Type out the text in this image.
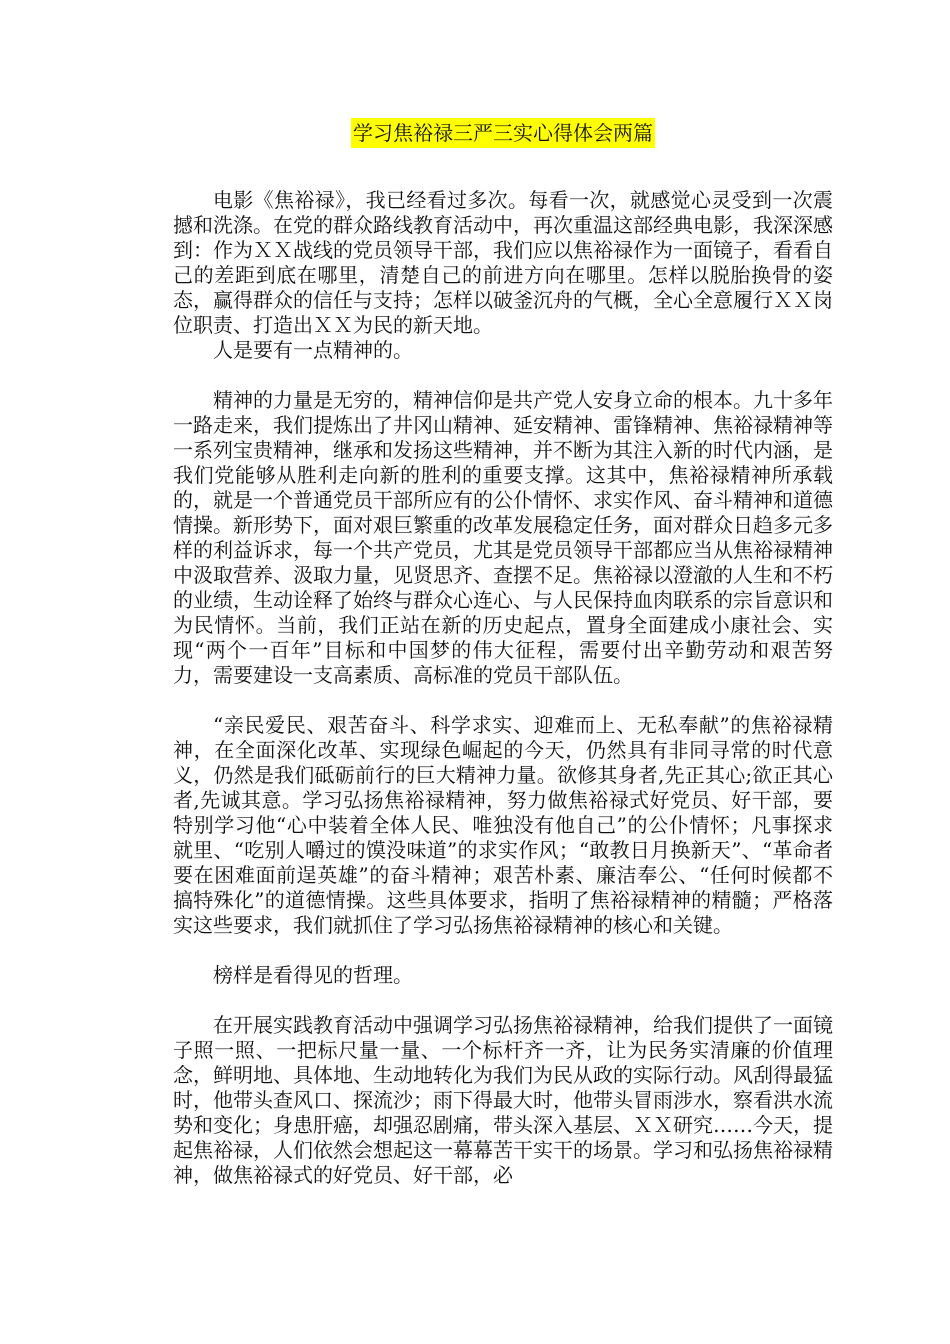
学习焦裕禄三严三实心得体会两篇

电影《焦裕禄》，我已经看过多次。每看一次，就感觉心灵受到一次震撼和洗涤。在党的群众路线教育活动中，再次重温这部经典电影，我深深感到：作为ＸＸ战线的党员领导干部，我们应以焦裕禄作为一面镜子，看看自己的差距到底在哪里，清楚自己的前进方向在哪里。怎样以脱胎换骨的姿态，赢得群众的信任与支持；怎样以破釜沉舟的气概，全心全意履行ＸＸ岗位职责、打造出ＸＸ为民的新天地。

人是要有一点精神的。

精神的力量是无穷的，精神信仰是共产党人安身立命的根本。九十多年一路走来，我们提炼出了井冈山精神、延安精神、雷锋精神、焦裕禄精神等一系列宝贵精神，继承和发扬这些精神，并不断为其注入新的时代内涵，是我们党能够从胜利走向新的胜利的重要支撑。这其中，焦裕禄精神所承载的，就是一个普通党员干部所应有的公仆情怀、求实作风、奋斗精神和道德情操。新形势下，面对艰巨繁重的改革发展稳定任务，面对群众日趋多元多样的利益诉求，每一个共产党员，尤其是党员领导干部都应当从焦裕禄精神中汲取营养、汲取力量，见贤思齐、查摆不足。焦裕禄以澄澈的人生和不朽的业绩，生动诠释了始终与群众心连心、与人民保持血肉联系的宗旨意识和为民情怀。当前，我们正站在新的历史起点，置身全面建成小康社会、实现“两个一百年”目标和中国梦的伟大征程，需要付出辛勤劳动和艰苦努力，需要建设一支高素质、高标准的党员干部队伍。

“亲民爱民、艰苦奋斗、科学求实、迎难而上、无私奉献”的焦裕禄精神，在全面深化改革、实现绿色崛起的今天，仍然具有非同寻常的时代意义，仍然是我们砥砺前行的巨大精神力量。欲修其身者,先正其心;欲正其心者,先诚其意。学习弘扬焦裕禄精神，努力做焦裕禄式好党员、好干部，要特别学习他“心中装着全体人民、唯独没有他自己”的公仆情怀；凡事探求就里、“吃别人嚼过的馍没味道”的求实作风；“敢教日月换新天”、“革命者要在困难面前逞英雄”的奋斗精神；艰苦朴素、廉洁奉公、“任何时候都不搞特殊化”的道德情操。这些具体要求，指明了焦裕禄精神的精髓；严格落实这些要求，我们就抓住了学习弘扬焦裕禄精神的核心和关键。

榜样是看得见的哲理。

在开展实践教育活动中强调学习弘扬焦裕禄精神，给我们提供了一面镜子照一照、一把标尺量一量、一个标杆齐一齐，让为民务实清廉的价值理念，鲜明地、具体地、生动地转化为我们为民从政的实际行动。风刮得最猛时，他带头查风口、探流沙；雨下得最大时，他带头冒雨涉水，察看洪水流势和变化；身患肝癌，却强忍剧痛，带头深入基层、ＸＸ研究……今天，提起焦裕禄，人们依然会想起这一幕幕苦干实干的场景。学习和弘扬焦裕禄精神，做焦裕禄式的好党员、好干部，必
